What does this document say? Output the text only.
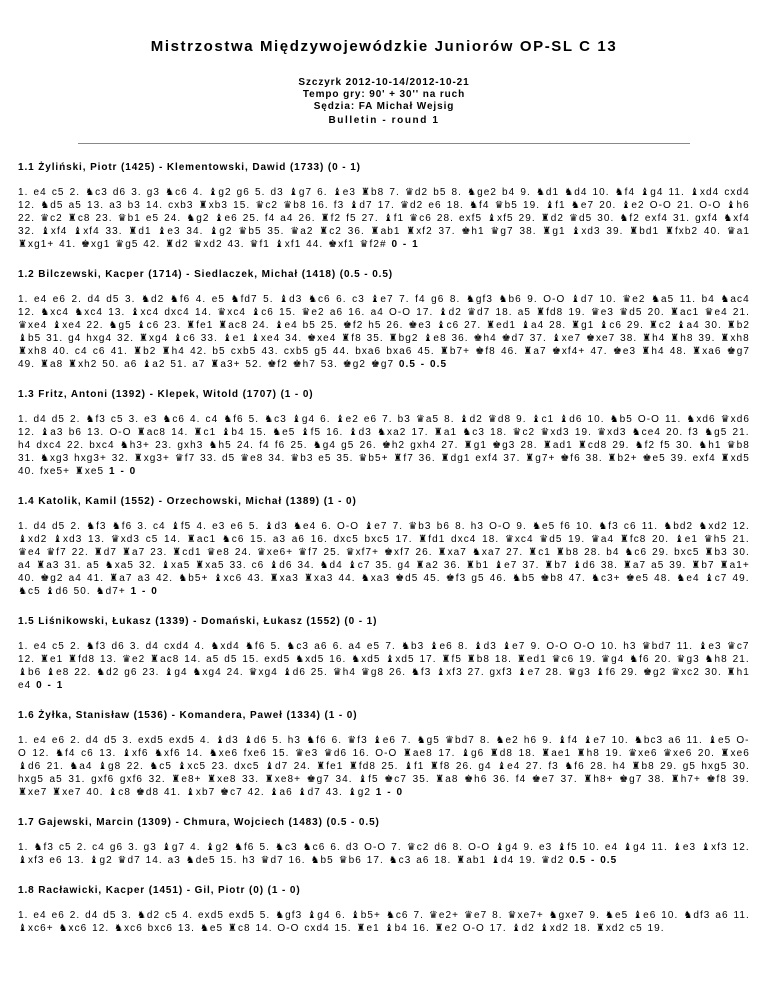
Mistrzostwa Międzywojewódzkie Juniorów OP-SL C 13
Szczyrk 2012-10-14/2012-10-21
Tempo gry: 90' + 30'' na ruch
Sędzia: FA Michał Wejsig
Bulletin - round 1
1.1 Żyliński, Piotr (1425) - Klementowski, Dawid (1733) (0 - 1)
1. e4 c5 2. ♞c3 d6 3. g3 ♞c6 4. ♝g2 g6 5. d3 ♝g7 6. ♝e3 ♜b8 7. ♛d2 b5 8. ♞ge2 b4 9. ♞d1 ♞d4 10. ♞f4 ♝g4 11. ♝xd4 cxd4 12. ♞d5 a5 13. a3 b3 14. cxb3 ♜xb3 15. ♛c2 ♛b8 16. f3 ♝d7 17. ♛d2 e6 18. ♞f4 ♛b5 19. ♝f1 ♞e7 20. ♝e2 O-O 21. O-O ♝h6 22. ♛c2 ♜c8 23. ♛b1 e5 24. ♞g2 ♝e6 25. f4 a4 26. ♜f2 f5 27. ♝f1 ♛c6 28. exf5 ♝xf5 29. ♜d2 ♛d5 30. ♞f2 exf4 31. gxf4 ♞xf4 32. ♝xf4 ♝xf4 33. ♜d1 ♝e3 34. ♝g2 ♛b5 35. ♛a2 ♜c2 36. ♜ab1 ♜xf2 37. ♚h1 ♛g7 38. ♜g1 ♝xd3 39. ♜bd1 ♜fxb2 40. ♛a1 ♜xg1+ 41. ♚xg1 ♛g5 42. ♜d2 ♛xd2 43. ♛f1 ♝xf1 44. ♚xf1 ♛f2# 0 - 1
1.2 Bilczewski, Kacper (1714) - Siedlaczek, Michał (1418) (0.5 - 0.5)
1. e4 e6 2. d4 d5 3. ♞d2 ♞f6 4. e5 ♞fd7 5. ♝d3 ♞c6 6. c3 ♝e7 7. f4 g6 8. ♞gf3 ♞b6 9. O-O ♝d7 10. ♛e2 ♞a5 11. b4 ♞ac4 12. ♞xc4 ♞xc4 13. ♝xc4 dxc4 14. ♛xc4 ♝c6 15. ♛e2 a6 16. a4 O-O 17. ♝d2 ♛d7 18. a5 ♜fd8 19. ♛e3 ♛d5 20. ♜ac1 ♛e4 21. ♛xe4 ♝xe4 22. ♞g5 ♝c6 23. ♜fe1 ♜ac8 24. ♝e4 b5 25. ♚f2 h5 26. ♚e3 ♝c6 27. ♜ed1 ♝a4 28. ♜g1 ♝c6 29. ♜c2 ♝a4 30. ♜b2 ♝b5 31. g4 hxg4 32. ♜xg4 ♝c6 33. ♝e1 ♝xe4 34. ♚xe4 ♜f8 35. ♜bg2 ♝e8 36. ♚h4 ♚d7 37. ♝xe7 ♚xe7 38. ♜h4 ♜h8 39. ♜xh8 ♜xh8 40. c4 c6 41. ♜b2 ♜h4 42. b5 cxb5 43. cxb5 g5 44. bxa6 bxa6 45. ♜b7+ ♚f8 46. ♜a7 ♚xf4+ 47. ♚e3 ♜h4 48. ♜xa6 ♚g7 49. ♜a8 ♜xh2 50. a6 ♝a2 51. a7 ♜a3+ 52. ♚f2 ♚h7 53. ♚g2 ♚g7 0.5 - 0.5
1.3 Fritz, Antoni (1392) - Klepek, Witold (1707) (1 - 0)
1. d4 d5 2. ♞f3 c5 3. e3 ♞c6 4. c4 ♞f6 5. ♞c3 ♝g4 6. ♝e2 e6 7. b3 ♛a5 8. ♝d2 ♛d8 9. ♝c1 ♝d6 10. ♞b5 O-O 11. ♞xd6 ♛xd6 12. ♝a3 b6 13. O-O ♜ac8 14. ♜c1 ♝b4 15. ♞e5 ♝f5 16. ♝d3 ♞xa2 17. ♜a1 ♞c3 18. ♛c2 ♛xd3 19. ♛xd3 ♞ce4 20. f3 ♞g5 21. h4 dxc4 22. bxc4 ♞h3+ 23. gxh3 ♞h5 24. f4 f6 25. ♞g4 g5 26. ♚h2 gxh4 27. ♜g1 ♚g3 28. ♜ad1 ♜cd8 29. ♞f2 f5 30. ♞h1 ♛b8 31. ♞xg3 hxg3+ 32. ♜xg3+ ♛f7 33. d5 ♛e8 34. ♛b3 e5 35. ♛b5+ ♜f7 36. ♜dg1 exf4 37. ♜g7+ ♚f6 38. ♜b2+ ♚e5 39. exf4 ♜xd5 40. fxe5+ ♜xe5 1 - 0
1.4 Katolik, Kamil (1552) - Orzechowski, Michał (1389) (1 - 0)
1. d4 d5 2. ♞f3 ♞f6 3. c4 ♝f5 4. e3 e6 5. ♝d3 ♞e4 6. O-O ♝e7 7. ♛b3 b6 8. h3 O-O 9. ♞e5 f6 10. ♞f3 c6 11. ♞bd2 ♞xd2 12. ♝xd2 ♝xd3 13. ♛xd3 c5 14. ♜ac1 ♞c6 15. a3 a6 16. dxc5 bxc5 17. ♜fd1 dxc4 18. ♛xc4 ♛d5 19. ♛a4 ♜fc8 20. ♝e1 ♛h5 21. ♛e4 ♛f7 22. ♜d7 ♜a7 23. ♜cd1 ♛e8 24. ♛xe6+ ♛f7 25. ♛xf7+ ♚xf7 26. ♜xa7 ♞xa7 27. ♜c1 ♜b8 28. b4 ♞c6 29. bxc5 ♜b3 30. a4 ♜a3 31. a5 ♞xa5 32. ♝xa5 ♜xa5 33. c6 ♝d6 34. ♞d4 ♝c7 35. g4 ♜a2 36. ♜b1 ♝e7 37. ♜b7 ♝d6 38. ♜a7 a5 39. ♜b7 ♜a1+ 40. ♚g2 a4 41. ♜a7 a3 42. ♞b5+ ♝xc6 43. ♜xa3 ♜xa3 44. ♞xa3 ♚d5 45. ♚f3 g5 46. ♞b5 ♚b8 47. ♞c3+ ♚e5 48. ♞e4 ♝c7 49. ♞c5 ♝d6 50. ♞d7+ 1 - 0
1.5 Liśnikowski, Łukasz (1339) - Domański, Łukasz (1552) (0 - 1)
1. e4 c5 2. ♞f3 d6 3. d4 cxd4 4. ♞xd4 ♞f6 5. ♞c3 a6 6. a4 e5 7. ♞b3 ♝e6 8. ♝d3 ♝e7 9. O-O O-O 10. h3 ♛bd7 11. ♝e3 ♛c7 12. ♜e1 ♜fd8 13. ♛e2 ♜ac8 14. a5 d5 15. exd5 ♞xd5 16. ♞xd5 ♝xd5 17. ♜f5 ♜b8 18. ♜ed1 ♛c6 19. ♛g4 ♞f6 20. ♛g3 ♞h8 21. ♝b6 ♝e8 22. ♞d2 g6 23. ♝g4 ♞xg4 24. ♛xg4 ♝d6 25. ♛h4 ♛g8 26. ♞f3 ♝xf3 27. gxf3 ♝e7 28. ♛g3 ♝f6 29. ♚g2 ♛xc2 30. ♜h1 e4 0 - 1
1.6 Żyłka, Stanisław (1536) - Komandera, Paweł (1334) (1 - 0)
1. e4 e6 2. d4 d5 3. exd5 exd5 4. ♝d3 ♝d6 5. h3 ♞f6 6. ♛f3 ♝e6 7. ♞g5 ♛bd7 8. ♞e2 h6 9. ♝f4 ♝e7 10. ♞bc3 a6 11. ♝e5 O-O 12. ♞f4 c6 13. ♝xf6 ♞xf6 14. ♞xe6 fxe6 15. ♛e3 ♛d6 16. O-O ♜ae8 17. ♝g6 ♜d8 18. ♜ae1 ♜h8 19. ♛xe6 ♛xe6 20. ♜xe6 ♝d6 21. ♞a4 ♝g8 22. ♞c5 ♝xc5 23. dxc5 ♝d7 24. ♜fe1 ♜fd8 25. ♝f1 ♜f8 26. g4 ♝e4 27. f3 ♞f6 28. h4 ♜b8 29. g5 hxg5 30. hxg5 a5 31. gxf6 gxf6 32. ♜e8+ ♜xe8 33. ♜xe8+ ♚g7 34. ♝f5 ♚c7 35. ♜a8 ♚h6 36. f4 ♚e7 37. ♜h8+ ♚g7 38. ♜h7+ ♚f8 39. ♜xe7 ♜xe7 40. ♝c8 ♚d8 41. ♝xb7 ♚c7 42. ♝a6 ♝d7 43. ♝g2 1 - 0
1.7 Gajewski, Marcin (1309) - Chmura, Wojciech (1483) (0.5 - 0.5)
1. ♞f3 c5 2. c4 g6 3. g3 ♝g7 4. ♝g2 ♞f6 5. ♞c3 ♞c6 6. d3 O-O 7. ♛c2 d6 8. O-O ♝g4 9. e3 ♝f5 10. e4 ♝g4 11. ♝e3 ♝xf3 12. ♝xf3 e6 13. ♝g2 ♛d7 14. a3 ♞de5 15. h3 ♛d7 16. ♞b5 ♛b6 17. ♞c3 a6 18. ♜ab1 ♝d4 19. ♛d2 0.5 - 0.5
1.8 Racławicki, Kacper (1451) - Gil, Piotr (0) (1 - 0)
1. e4 e6 2. d4 d5 3. ♞d2 c5 4. exd5 exd5 5. ♞gf3 ♝g4 6. ♝b5+ ♞c6 7. ♛e2+ ♛e7 8. ♛xe7+ ♞gxe7 9. ♞e5 ♝e6 10. ♞df3 a6 11. ♝xc6+ ♞xc6 12. ♞xc6 bxc6 13. ♞e5 ♜c8 14. O-O cxd4 15. ♜e1 ♝b4 16. ♜e2 O-O 17. ♝d2 ♝xd2 18. ♜xd2 c5 19.
